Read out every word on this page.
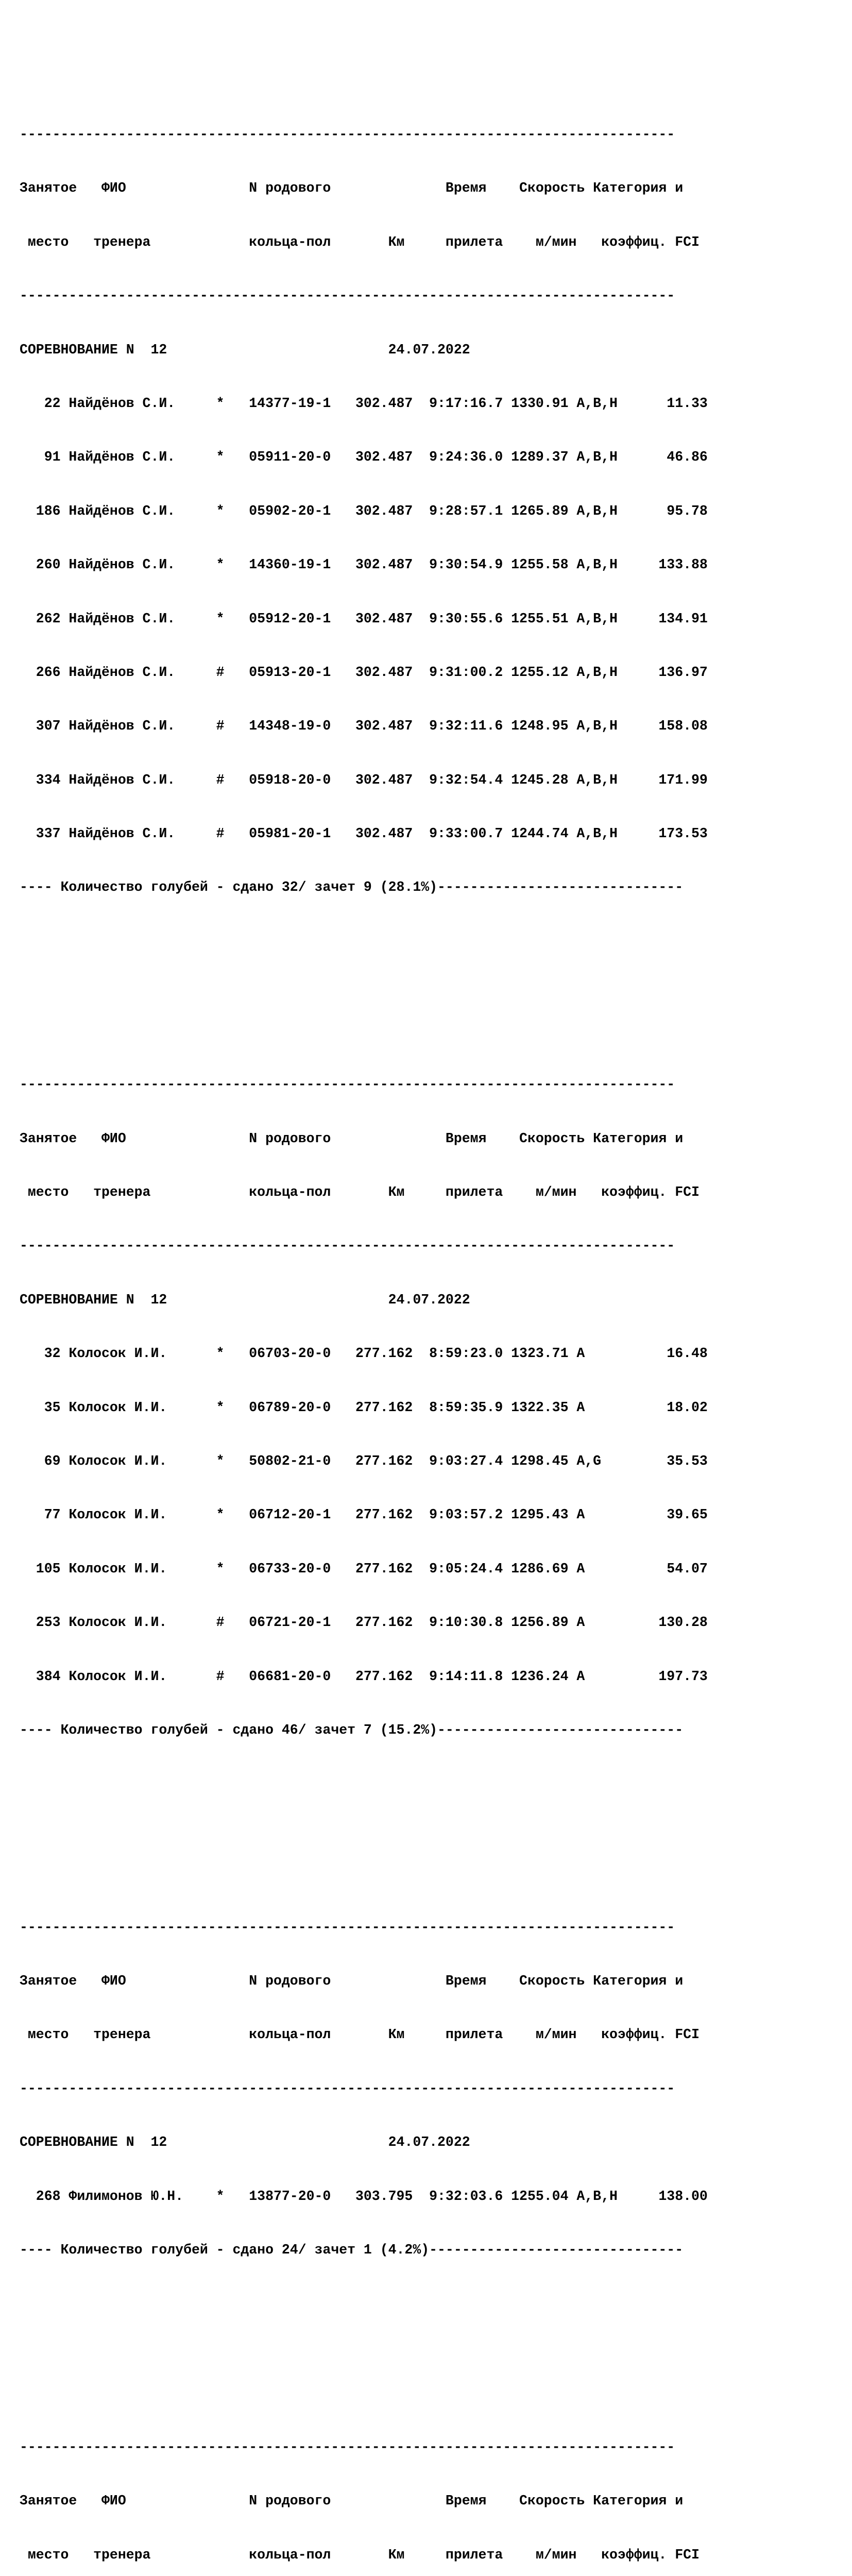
--------------------------------------------------------------------------------

Занятое   ФИО               N родового              Время    Скорость Категория и

место   тренера            кольца-пол       Км     прилета    м/мин   коэффиц. FCI

--------------------------------------------------------------------------------

СОРЕВНОВАНИЕ N  12                           24.07.2022

22 Найдёнов С.И.     *   14377-19-1   302.487  9:17:16.7 1330.91 A,B,H      11.33

91 Найдёнов С.И.     *   05911-20-0   302.487  9:24:36.0 1289.37 A,B,H      46.86

186 Найдёнов С.И.     *   05902-20-1   302.487  9:28:57.1 1265.89 A,B,H      95.78

260 Найдёнов С.И.     *   14360-19-1   302.487  9:30:54.9 1255.58 A,B,H     133.88

262 Найдёнов С.И.     *   05912-20-1   302.487  9:30:55.6 1255.51 A,B,H     134.91

266 Найдёнов С.И.     #   05913-20-1   302.487  9:31:00.2 1255.12 A,B,H     136.97

307 Найдёнов С.И.     #   14348-19-0   302.487  9:32:11.6 1248.95 A,B,H     158.08

334 Найдёнов С.И.     #   05918-20-0   302.487  9:32:54.4 1245.28 A,B,H     171.99

337 Найдёнов С.И.     #   05981-20-1   302.487  9:33:00.7 1244.74 A,B,H     173.53

---- Количество голубей - сдано 32/ зачет 9 (28.1%)------------------------------

--------------------------------------------------------------------------------

Занятое   ФИО               N родового              Время    Скорость Категория и

место   тренера            кольца-пол       Км     прилета    м/мин   коэффиц. FCI

--------------------------------------------------------------------------------

СОРЕВНОВАНИЕ N  12                           24.07.2022

32 Колосок И.И.      *   06703-20-0   277.162  8:59:23.0 1323.71 A          16.48

35 Колосок И.И.      *   06789-20-0   277.162  8:59:35.9 1322.35 A          18.02

69 Колосок И.И.      *   50802-21-0   277.162  9:03:27.4 1298.45 A,G        35.53

77 Колосок И.И.      *   06712-20-1   277.162  9:03:57.2 1295.43 A          39.65

105 Колосок И.И.      *   06733-20-0   277.162  9:05:24.4 1286.69 A          54.07

253 Колосок И.И.      #   06721-20-1   277.162  9:10:30.8 1256.89 A         130.28

384 Колосок И.И.      #   06681-20-0   277.162  9:14:11.8 1236.24 A         197.73

---- Количество голубей - сдано 46/ зачет 7 (15.2%)------------------------------

--------------------------------------------------------------------------------

Занятое   ФИО               N родового              Время    Скорость Категория и

место   тренера            кольца-пол       Км     прилета    м/мин   коэффиц. FCI

--------------------------------------------------------------------------------

СОРЕВНОВАНИЕ N  12                           24.07.2022

268 Филимонов Ю.Н.    *   13877-20-0   303.795  9:32:03.6 1255.04 A,B,H     138.00

---- Количество голубей - сдано 24/ зачет 1 (4.2%)-------------------------------

--------------------------------------------------------------------------------

Занятое   ФИО               N родового              Время    Скорость Категория и

место   тренера            кольца-пол       Км     прилета    м/мин   коэффиц. FCI
